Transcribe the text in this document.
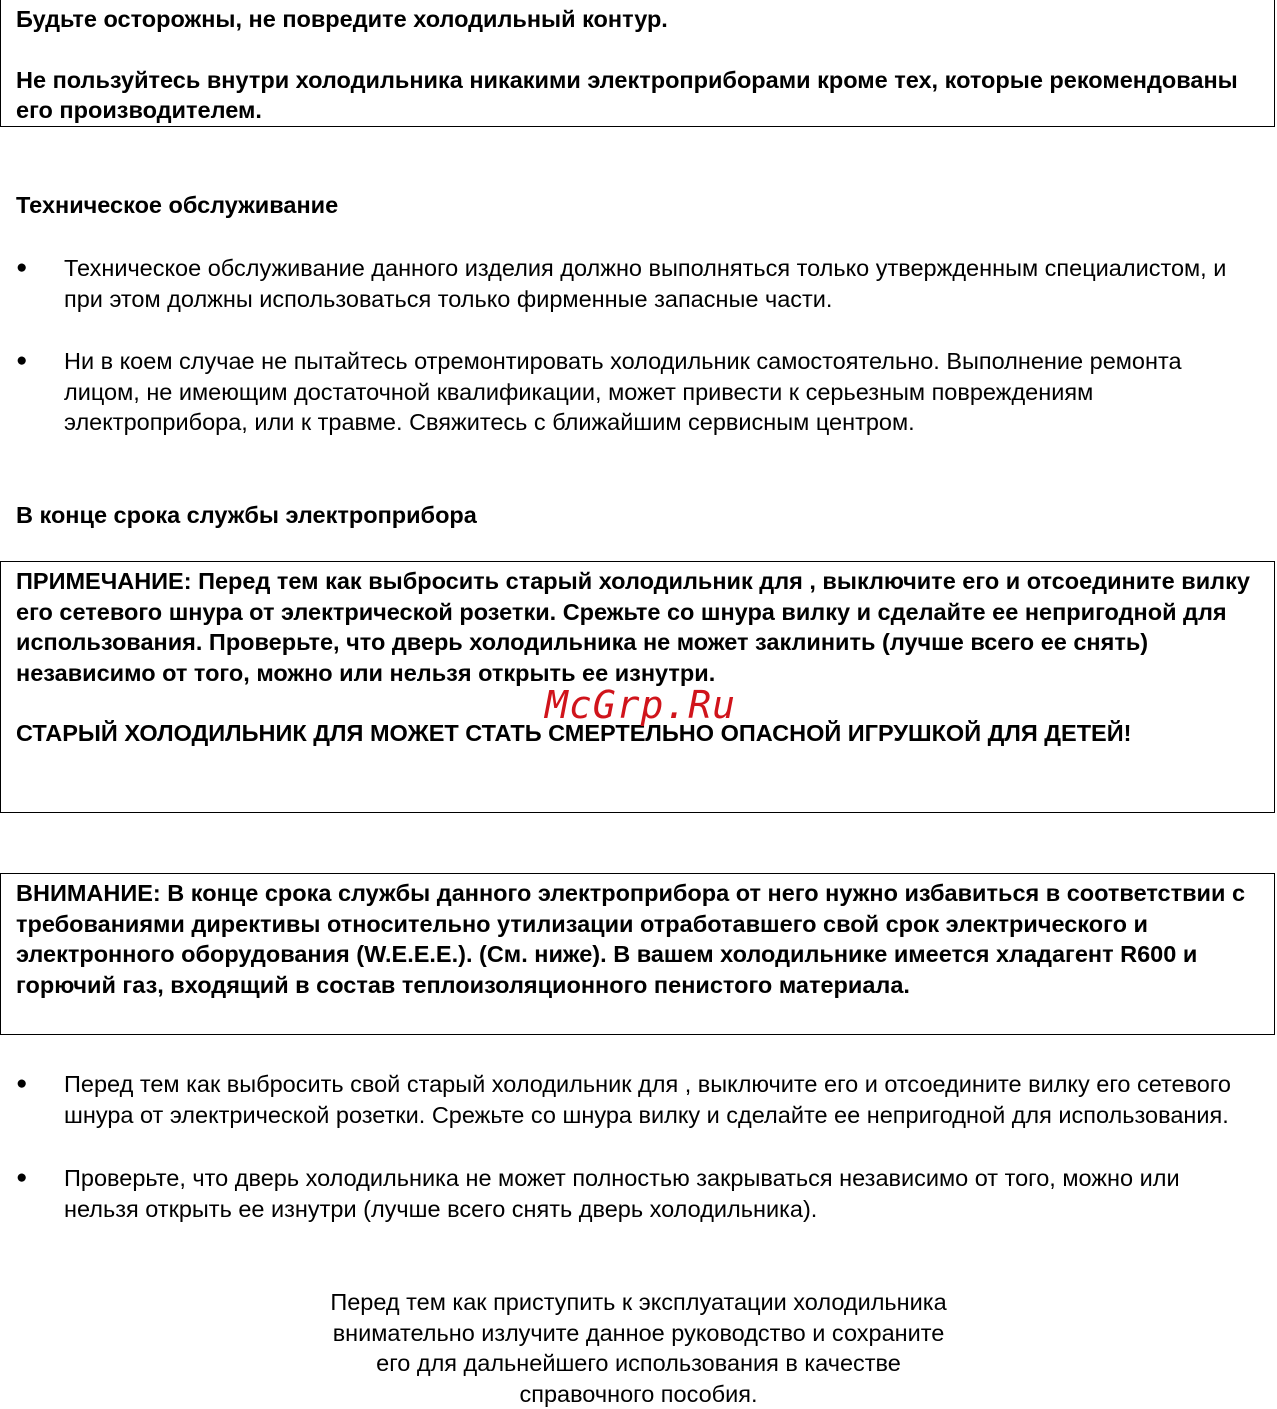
Будьте осторожны, не повредите холодильный контур.

Не пользуйтесь внутри холодильника никакими электроприборами кроме тех, которые рекомендованы его производителем.

Техническое обслуживание

● Техническое обслуживание данного изделия должно выполняться только утвержденным специалистом, и при этом должны использоваться только фирменные запасные части.
● Ни в коем случае не пытайтесь отремонтировать холодильник самостоятельно. Выполнение ремонта лицом, не имеющим достаточной квалификации, может привести к серьезным повреждениям электроприбора, или к травме. Свяжитесь с ближайшим сервисным центром.

В конце срока службы электроприбора

ПРИМЕЧАНИЕ: Перед тем как выбросить старый холодильник для , выключите его и отсоедините вилку его сетевого шнура от электрической розетки. Срежьте со шнура вилку и сделайте ее непригодной для использования. Проверьте, что дверь холодильника не может заклинить (лучше всего ее снять) независимо от того, можно или нельзя открыть ее изнутри.

СТАРЫЙ ХОЛОДИЛЬНИК ДЛЯ МОЖЕТ СТАТЬ СМЕРТЕЛЬНО ОПАСНОЙ ИГРУШКОЙ ДЛЯ ДЕТЕЙ!

McGrp.Ru

ВНИМАНИЕ: В конце срока службы данного электроприбора от него нужно избавиться в соответствии с требованиями директивы относительно утилизации отработавшего свой срок электрического и электронного оборудования (W.E.E.E.). (См. ниже). В вашем холодильнике имеется хладагент R600 и горючий газ, входящий в состав теплоизоляционного пенистого материала.

● Перед тем как выбросить свой старый холодильник для , выключите его и отсоедините вилку его сетевого шнура от электрической розетки. Срежьте со шнура вилку и сделайте ее непригодной для использования.
● Проверьте, что дверь холодильника не может полностью закрываться независимо от того, можно или нельзя открыть ее изнутри (лучше всего снять дверь холодильника).

Перед тем как приступить к эксплуатации холодильника

внимательно излучите данное руководство и сохраните

его для дальнейшего использования в качестве

справочного пособия.
